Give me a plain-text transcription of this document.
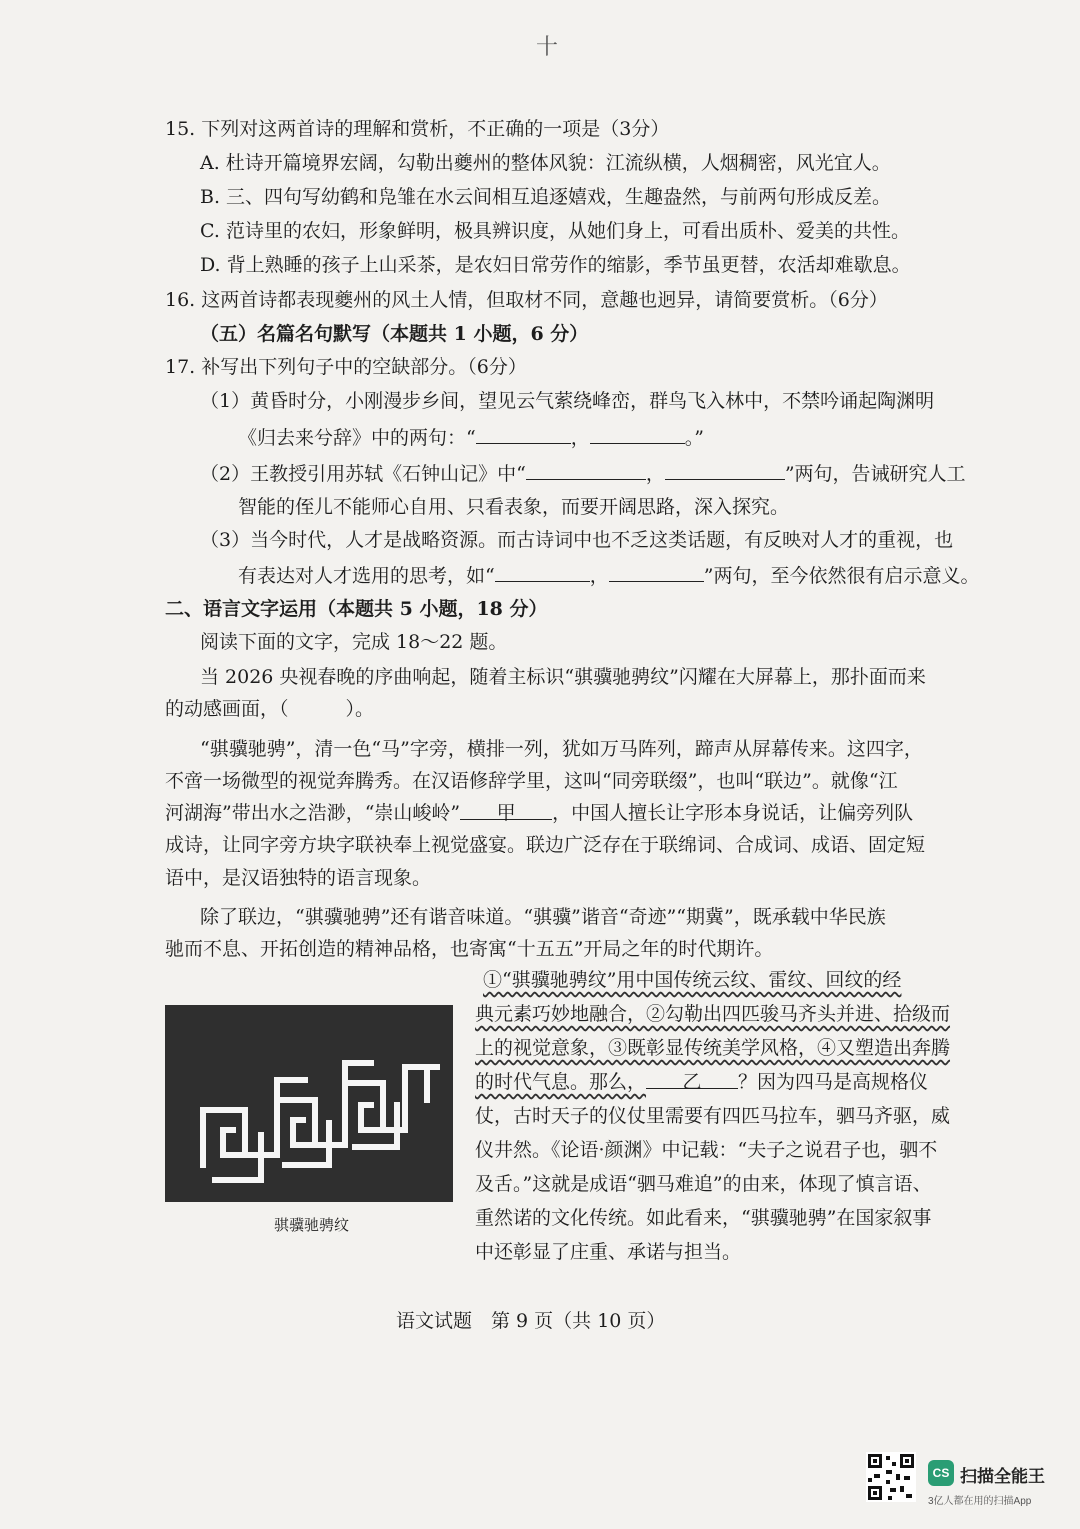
十
15. 下列对这两首诗的理解和赏析，不正确的一项是（3分）
A. 杜诗开篇境界宏阔，勾勒出夔州的整体风貌：江流纵横，人烟稠密，风光宜人。
B. 三、四句写幼鹤和凫雏在水云间相互追逐嬉戏，生趣盎然，与前两句形成反差。
C. 范诗里的农妇，形象鲜明，极具辨识度，从她们身上，可看出质朴、爱美的共性。
D. 背上熟睡的孩子上山采茶，是农妇日常劳作的缩影，季节虽更替，农活却难歇息。
16. 这两首诗都表现夔州的风土人情，但取材不同，意趣也迥异，请简要赏析。（6分）
（五）名篇名句默写（本题共 1 小题，6 分）
17. 补写出下列句子中的空缺部分。（6分）
（1）黄昏时分，小刚漫步乡间，望见云气萦绕峰峦，群鸟飞入林中，不禁吟诵起陶渊明
《归去来兮辞》中的两句：“	，	。”
（2）王教授引用苏轼《石钟山记》中“	，	”两句，告诫研究人工
智能的侄儿不能师心自用、只看表象，而要开阔思路，深入探究。
（3）当今时代，人才是战略资源。而古诗词中也不乏这类话题，有反映对人才的重视，也
有表达对人才选用的思考，如“	，	”两句，至今依然很有启示意义。
二、语言文字运用（本题共 5 小题，18 分）
阅读下面的文字，完成 18～22 题。
当 2026 央视春晚的序曲响起，随着主标识“骐骥驰骋纹”闪耀在大屏幕上，那扑面而来
的动感画面，（　　　）。
“骐骥驰骋”，清一色“马”字旁，横排一列，犹如万马阵列，蹄声从屏幕传来。这四字，
不啻一场微型的视觉奔腾秀。在汉语修辞学里，这叫“同旁联缀”，也叫“联边”。就像“江
河湖海”带出水之浩渺，“崇山峻岭” 甲 ，中国人擅长让字形本身说话，让偏旁列队
成诗，让同字旁方块字联袂奉上视觉盛宴。联边广泛存在于联绵词、合成词、成语、固定短
语中，是汉语独特的语言现象。
除了联边，“骐骥驰骋”还有谐音味道。“骐骥”谐音“奇迹”“期冀”，既承载中华民族
驰而不息、开拓创造的精神品格，也寄寓“十五五”开局之年的时代期许。
骐骥驰骋纹
①“骐骥驰骋纹”用中国传统云纹、雷纹、回纹的经
典元素巧妙地融合，②勾勒出四匹骏马齐头并进、拾级而
上的视觉意象，③既彰显传统美学风格，④又塑造出奔腾
的时代气息。那么， 乙 ？因为四马是高规格仪
仗，古时天子的仪仗里需要有四匹马拉车，驷马齐驱，威
仪井然。《论语·颜渊》中记载：“夫子之说君子也，驷不
及舌。”这就是成语“驷马难追”的由来，体现了慎言语、
重然诺的文化传统。如此看来，“骐骥驰骋”在国家叙事
中还彰显了庄重、承诺与担当。
语文试题　第 9 页（共 10 页）
CS 扫描全能王
3亿人都在用的扫描App
